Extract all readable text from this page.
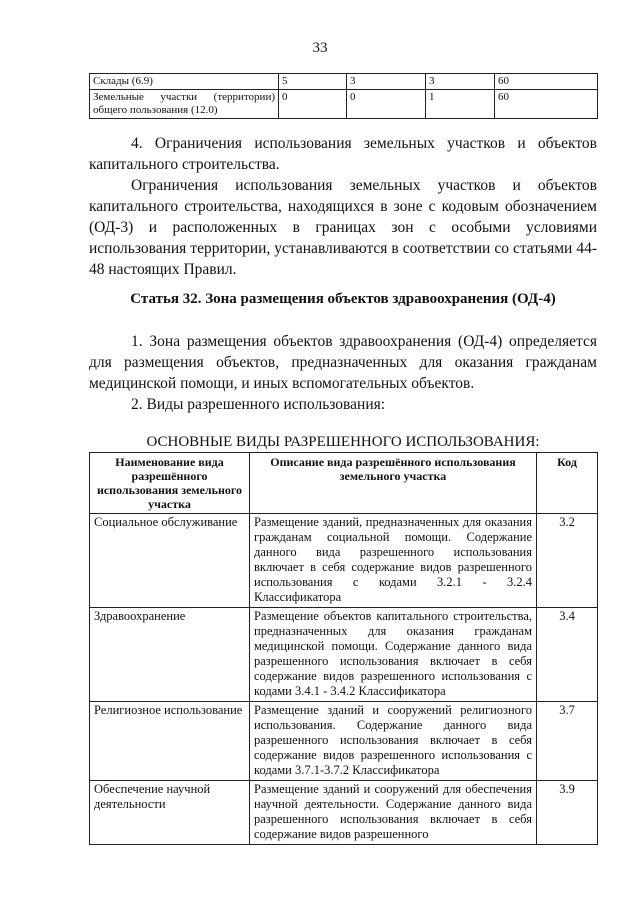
33
Склады (6.9)	5	3	3	60
Земельные участки (территории) общего пользования (12.0)	0	0	1	60

4. Ограничения использования земельных участков и объектов капитального строительства.

Ограничения использования земельных участков и объектов капитального строительства, находящихся в зоне с кодовым обозначением (ОД-3) и расположенных в границах зон с особыми условиями использования территории, устанавливаются в соответствии со статьями 44-48 настоящих Правил.

Статья 32. Зона размещения объектов здравоохранения (ОД-4)

1. Зона размещения объектов здравоохранения (ОД-4) определяется для размещения объектов, предназначенных для оказания гражданам медицинской помощи, и иных вспомогательных объектов.

2. Виды разрешенного использования:

ОСНОВНЫЕ ВИДЫ РАЗРЕШЕННОГО ИСПОЛЬЗОВАНИЯ:

Наименование вида разрешённого использования земельного участка	Описание вида разрешённого использования земельного участка	Код
Социальное обслуживание	Размещение зданий, предназначенных для оказания гражданам социальной помощи. Содержание данного вида разрешенного использования включает в себя содержание видов разрешенного использования с кодами 3.2.1 - 3.2.4 Классификатора	3.2
Здравоохранение	Размещение объектов капитального строительства, предназначенных для оказания гражданам медицинской помощи. Содержание данного вида разрешенного использования включает в себя содержание видов разрешенного использования с кодами 3.4.1 - 3.4.2 Классификатора	3.4
Религиозное использование	Размещение зданий и сооружений религиозного использования. Содержание данного вида разрешенного использования включает в себя содержание видов разрешенного использования с кодами 3.7.1-3.7.2 Классификатора	3.7
Обеспечение научной деятельности	Размещение зданий и сооружений для обеспечения научной деятельности. Содержание данного вида разрешенного использования включает в себя содержание видов разрешенного	3.9
